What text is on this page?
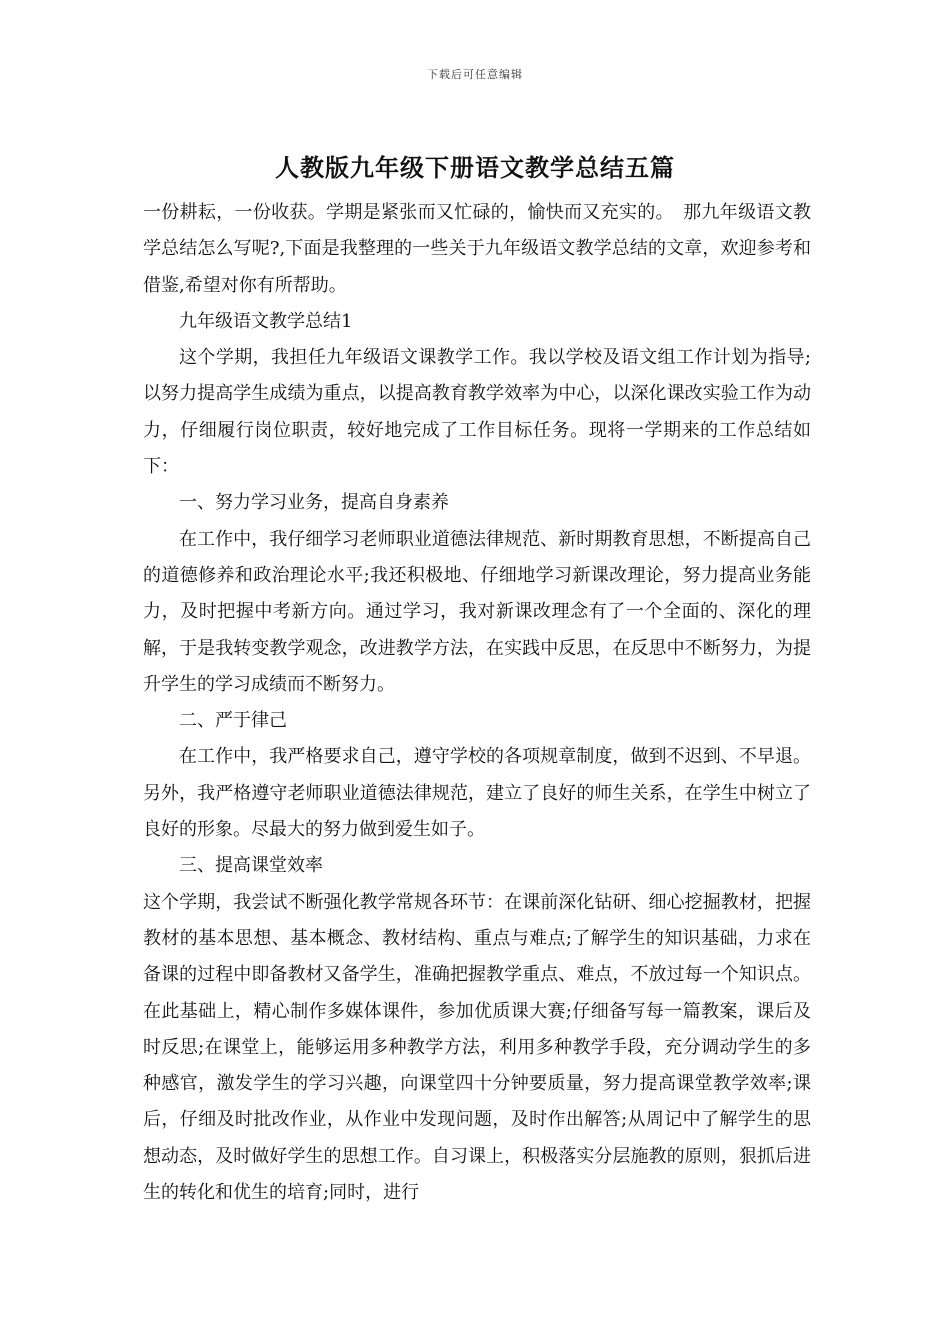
下载后可任意编辑
人教版九年级下册语文教学总结五篇

一份耕耘，一份收获。学期是紧张而又忙碌的，愉快而又充实的。　那九年级语文教学总结怎么写呢?,下面是我整理的一些关于九年级语文教学总结的文章，欢迎参考和借鉴,希望对你有所帮助。

九年级语文教学总结1

这个学期，我担任九年级语文课教学工作。我以学校及语文组工作计划为指导;以努力提高学生成绩为重点，以提高教育教学效率为中心，以深化课改实验工作为动力，仔细履行岗位职责，较好地完成了工作目标任务。现将一学期来的工作总结如下：

一、努力学习业务，提高自身素养

在工作中，我仔细学习老师职业道德法律规范、新时期教育思想，不断提高自己的道德修养和政治理论水平;我还积极地、仔细地学习新课改理论，努力提高业务能力，及时把握中考新方向。通过学习，我对新课改理念有了一个全面的、深化的理解，于是我转变教学观念，改进教学方法，在实践中反思，在反思中不断努力，为提升学生的学习成绩而不断努力。

二、严于律己

在工作中，我严格要求自己，遵守学校的各项规章制度，做到不迟到、不早退。另外，我严格遵守老师职业道德法律规范，建立了良好的师生关系，在学生中树立了良好的形象。尽最大的努力做到爱生如子。

三、提高课堂效率

这个学期，我尝试不断强化教学常规各环节：在课前深化钻研、细心挖掘教材，把握教材的基本思想、基本概念、教材结构、重点与难点;了解学生的知识基础，力求在备课的过程中即备教材又备学生，准确把握教学重点、难点，不放过每一个知识点。在此基础上，精心制作多媒体课件，参加优质课大赛;仔细备写每一篇教案，课后及时反思;在课堂上，能够运用多种教学方法，利用多种教学手段，充分调动学生的多种感官，激发学生的学习兴趣，向课堂四十分钟要质量，努力提高课堂教学效率;课后，仔细及时批改作业，从作业中发现问题，及时作出解答;从周记中了解学生的思想动态，及时做好学生的思想工作。自习课上，积极落实分层施教的原则，狠抓后进生的转化和优生的培育;同时，进行
